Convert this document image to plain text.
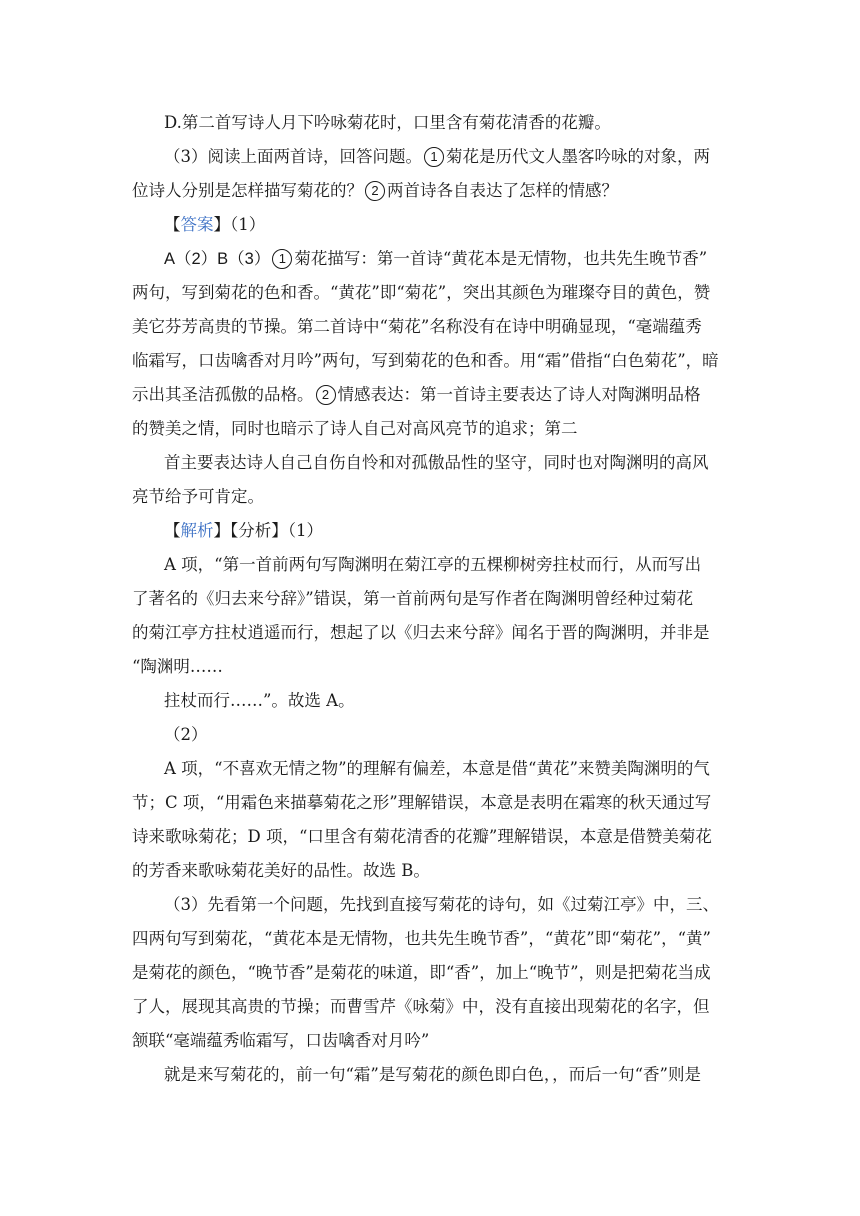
D.第二首写诗人月下吟咏菊花时，口里含有菊花清香的花瓣。
（3）阅读上面两首诗，回答问题。 1 菊花是历代文人墨客吟咏的对象，两
位诗人分别是怎样描写菊花的？ 2 两首诗各自表达了怎样的情感？
【答案】（1）
A（2）B（3） 1 菊花描写：第一首诗“黄花本是无情物，也共先生晚节香”
两句，写到菊花的色和香。“黄花”即“菊花”，突出其颜色为璀璨夺目的黄色，赞
美它芬芳高贵的节操。第二首诗中“菊花”名称没有在诗中明确显现，“毫端蕴秀
临霜写，口齿噙香对月吟”两句，写到菊花的色和香。用“霜”借指“白色菊花”，暗
示出其圣洁孤傲的品格。 2 情感表达：第一首诗主要表达了诗人对陶渊明品格
的赞美之情，同时也暗示了诗人自己对高风亮节的追求；第二
首主要表达诗人自己自伤自怜和对孤傲品性的坚守，同时也对陶渊明的高风
亮节给予可肯定。
【解析】【分析】（1）
A 项，“第一首前两句写陶渊明在菊江亭的五棵柳树旁拄杖而行，从而写出
了著名的《归去来兮辞》”错误，第一首前两句是写作者在陶渊明曾经种过菊花
的菊江亭方拄杖逍遥而行，想起了以《归去来兮辞》闻名于晋的陶渊明，并非是
“陶渊明……
拄杖而行……”。故选 A。
（2）
A 项，“不喜欢无情之物”的理解有偏差，本意是借“黄花”来赞美陶渊明的气
节；C 项，“用霜色来描摹菊花之形”理解错误，本意是表明在霜寒的秋天通过写
诗来歌咏菊花；D 项，“口里含有菊花清香的花瓣”理解错误，本意是借赞美菊花
的芳香来歌咏菊花美好的品性。故选 B。
（3）先看第一个问题，先找到直接写菊花的诗句，如《过菊江亭》中，三、
四两句写到菊花，“黄花本是无情物，也共先生晚节香”，“黄花”即“菊花”，“黄”
是菊花的颜色，“晚节香”是菊花的味道，即“香”，加上“晚节”，则是把菊花当成
了人，展现其高贵的节操；而曹雪芹《咏菊》中，没有直接出现菊花的名字，但
颔联“毫端蕴秀临霜写，口齿噙香对月吟”
就是来写菊花的，前一句“霜”是写菊花的颜色即白色，，而后一句“香”则是
